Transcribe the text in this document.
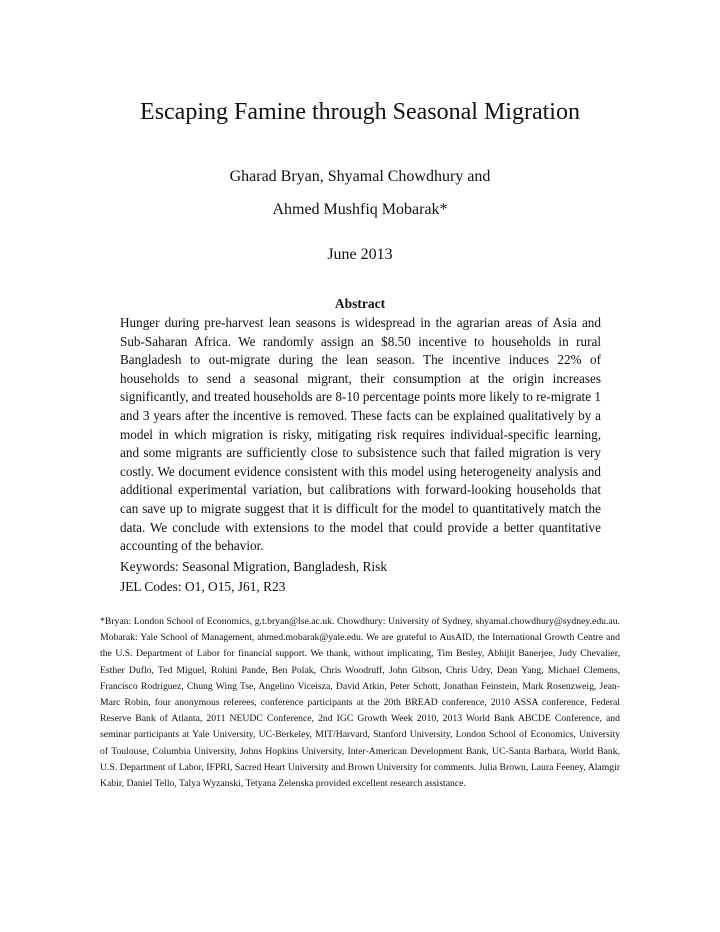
Escaping Famine through Seasonal Migration
Gharad Bryan, Shyamal Chowdhury and
Ahmed Mushfiq Mobarak*
June 2013
Abstract

Hunger during pre-harvest lean seasons is widespread in the agrarian areas of Asia and Sub-Saharan Africa. We randomly assign an $8.50 incentive to households in rural Bangladesh to out-migrate during the lean season. The incentive induces 22% of households to send a seasonal migrant, their consumption at the origin increases significantly, and treated households are 8-10 percentage points more likely to re-migrate 1 and 3 years after the incentive is removed. These facts can be explained qualitatively by a model in which migration is risky, mitigating risk requires individual-specific learning, and some migrants are sufficiently close to subsistence such that failed migration is very costly. We document evidence consistent with this model using heterogeneity analysis and additional experimental variation, but calibrations with forward-looking households that can save up to migrate suggest that it is difficult for the model to quantitatively match the data. We conclude with extensions to the model that could provide a better quantitative accounting of the behavior.

Keywords: Seasonal Migration, Bangladesh, Risk
JEL Codes: O1, O15, J61, R23

*Bryan: London School of Economics, g.t.bryan@lse.ac.uk. Chowdhury: University of Sydney, shyamal.chowdhury@sydney.edu.au. Mobarak: Yale School of Management, ahmed.mobarak@yale.edu. We are grateful to AusAID, the International Growth Centre and the U.S. Department of Labor for financial support. We thank, without implicating, Tim Besley, Abhijit Banerjee, Judy Chevalier, Esther Duflo, Ted Miguel, Rohini Pande, Ben Polak, Chris Woodruff, John Gibson, Chris Udry, Dean Yang, Michael Clemens, Francisco Rodriguez, Chung Wing Tse, Angelino Viceisza, David Atkin, Peter Schott, Jonathan Feinstein, Mark Rosenzweig, Jean-Marc Robin, four anonymous referees, conference participants at the 20th BREAD conference, 2010 ASSA conference, Federal Reserve Bank of Atlanta, 2011 NEUDC Conference, 2nd IGC Growth Week 2010, 2013 World Bank ABCDE Conference, and seminar participants at Yale University, UC-Berkeley, MIT/Harvard, Stanford University, London School of Economics, University of Toulouse, Columbia University, Johns Hopkins University, Inter-American Development Bank, UC-Santa Barbara, World Bank, U.S. Department of Labor, IFPRI, Sacred Heart University and Brown University for comments. Julia Brown, Laura Feeney, Alamgir Kabir, Daniel Tello, Talya Wyzanski, Tetyana Zelenska provided excellent research assistance.
